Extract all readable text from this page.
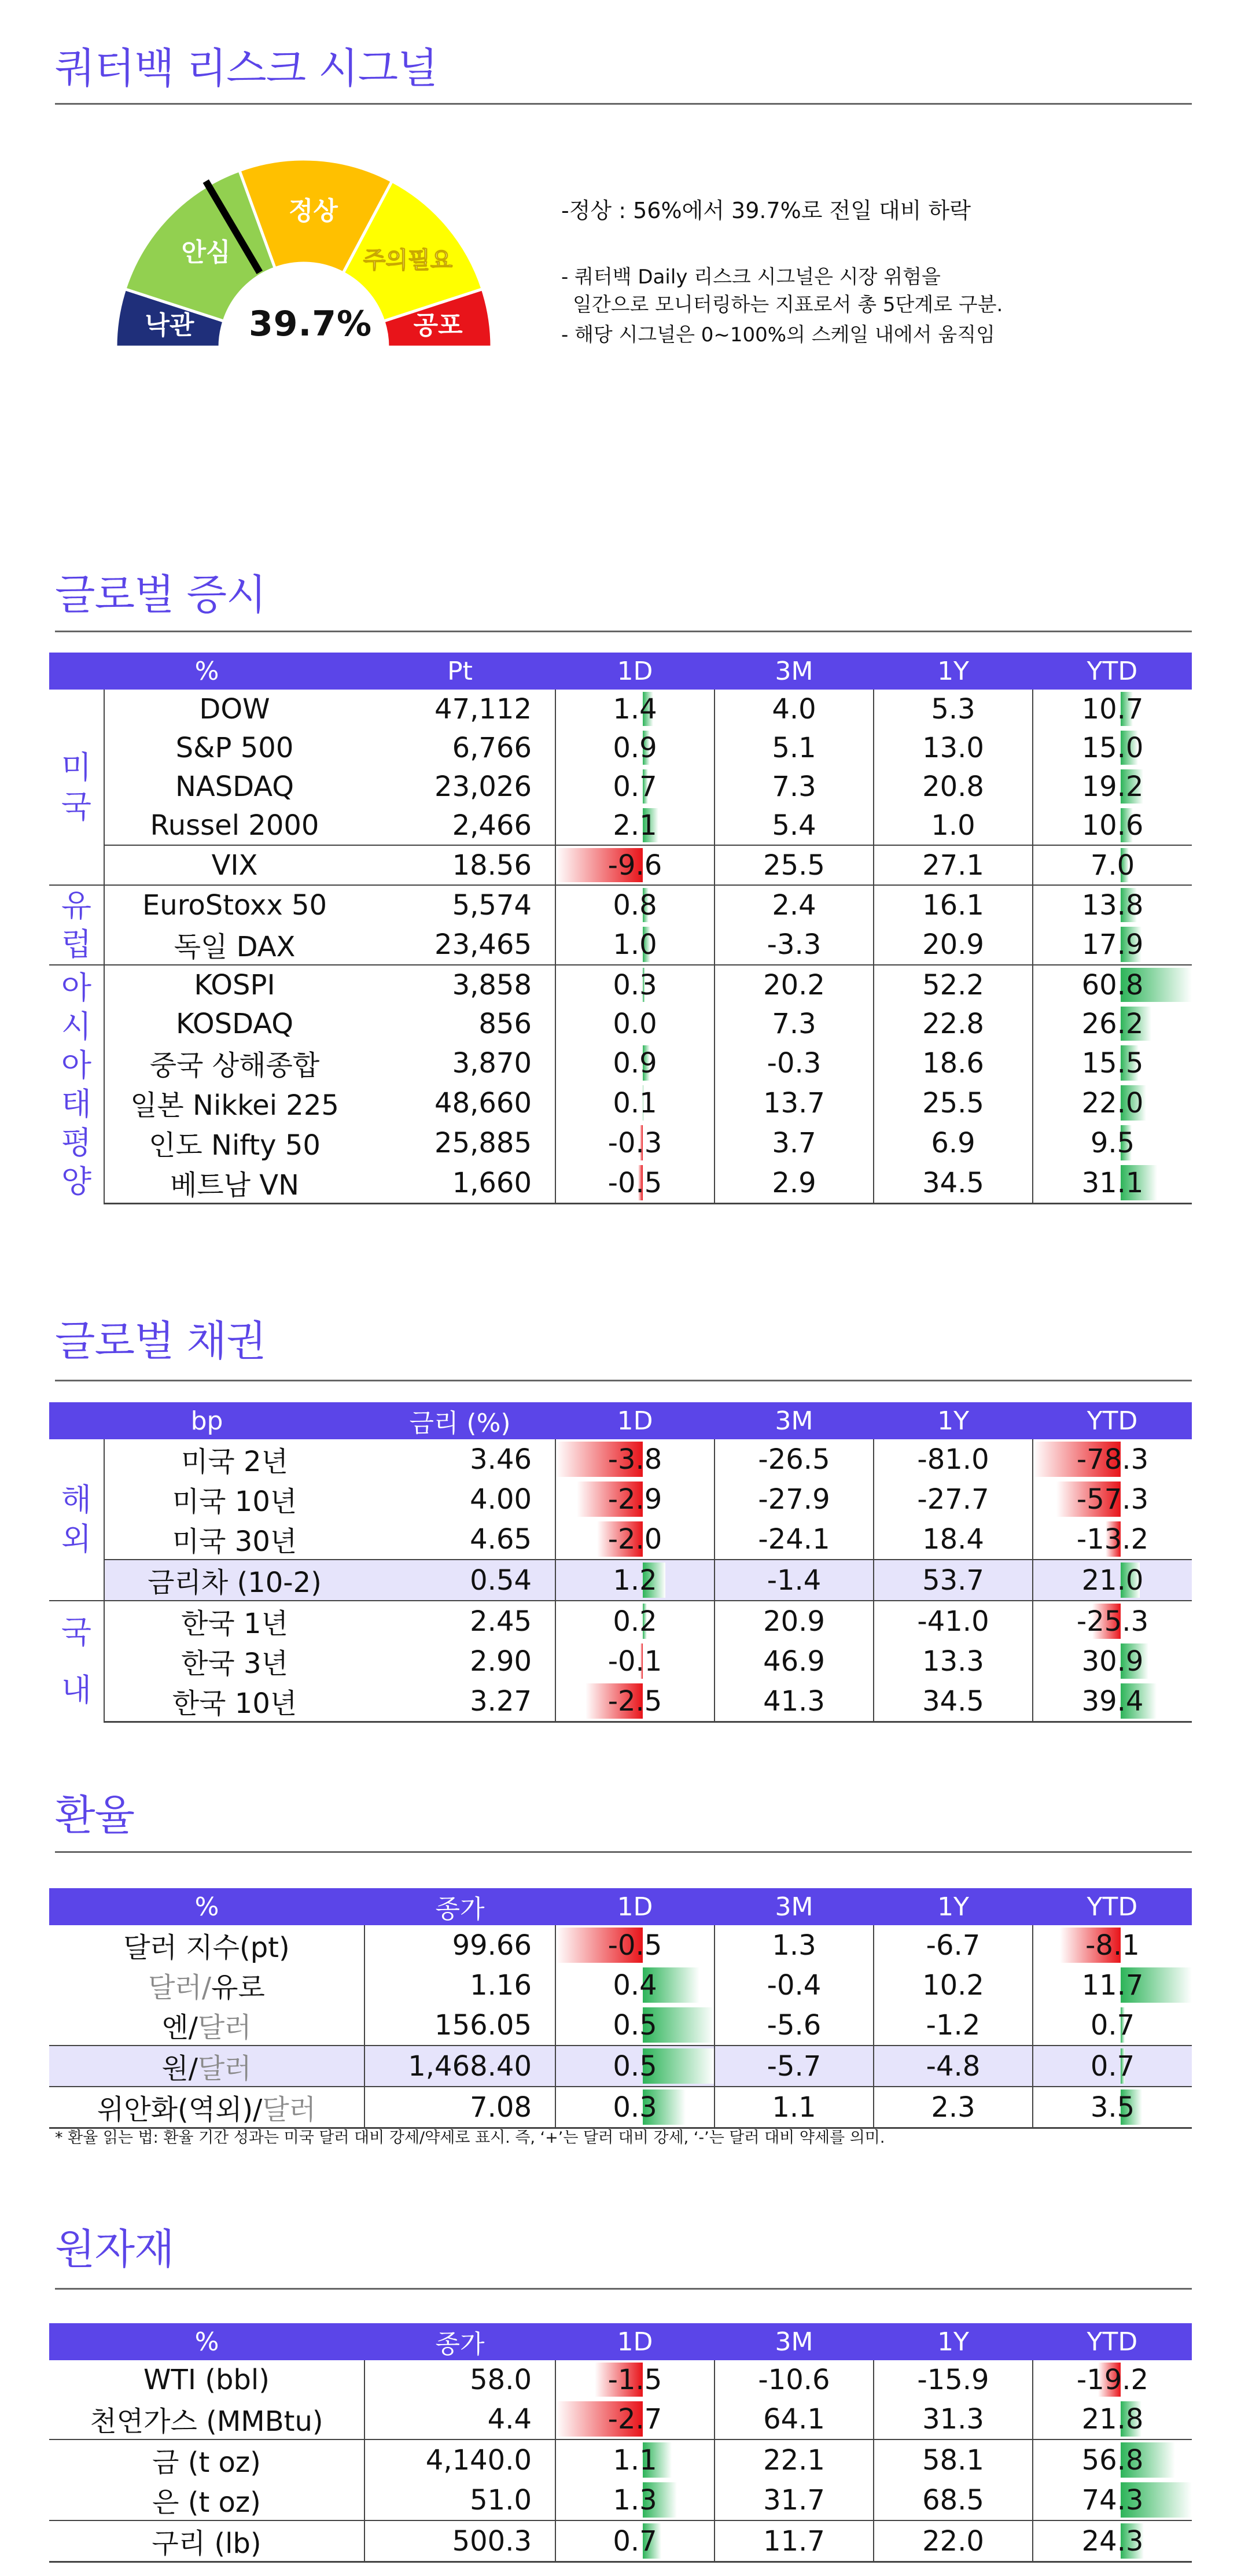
쿼터백 리스크 시그널
낙관
안심
정상
주의필요
공포
39.7%
-정상 : 56%에서 39.7%로 전일 대비 하락
- 쿼터백 Daily 리스크 시그널은 시장 위험을
일간으로 모니터링하는 지표로서 총 5단계로 구분.
- 해당 시그널은 0~100%의 스케일 내에서 움직임
글로벌 증시
%		Pt	1D	3M	1Y	YTD
미국	DOW	47,112	1.4	4.0	5.3	10.7
	S&P 500	6,766	0.9	5.1	13.0	15.0
	NASDAQ	23,026	0.7	7.3	20.8	19.2
	Russel 2000	2,466	2.1	5.4	1.0	10.6
	VIX	18.56	-9.6	25.5	27.1	7.0
유럽	EuroStoxx 50	5,574	0.8	2.4	16.1	13.8
	독일 DAX	23,465	1.0	-3.3	20.9	17.9
아시아태평양	KOSPI	3,858	0.3	20.2	52.2	60.8
	KOSDAQ	856	0.0	7.3	22.8	26.2
	중국 상해종합	3,870	0.9	-0.3	18.6	15.5
	일본 Nikkei 225	48,660	0.1	13.7	25.5	22.0
	인도 Nifty 50	25,885	-0.3	3.7	6.9	9.5
	베트남 VN	1,660	-0.5	2.9	34.5	31.1
글로벌 채권
bp		금리 (%)	1D	3M	1Y	YTD
해외	미국 2년	3.46	-3.8	-26.5	-81.0	-78.3
	미국 10년	4.00	-2.9	-27.9	-27.7	-57.3
	미국 30년	4.65	-2.0	-24.1	18.4	-13.2
	금리차 (10-2)	0.54	1.2	-1.4	53.7	21.0
국내	한국 1년	2.45	0.2	20.9	-41.0	-25.3
	한국 3년	2.90	-0.1	46.9	13.3	30.9
	한국 10년	3.27	-2.5	41.3	34.5	39.4
환율
%	종가	1D	3M	1Y	YTD
달러 지수(pt)	99.66	-0.5	1.3	-6.7	-8.1
달러/유로	1.16	0.4	-0.4	10.2	11.7
엔/달러	156.05	0.5	-5.6	-1.2	0.7
원/달러	1,468.40	0.5	-5.7	-4.8	0.7
위안화(역외)/달러	7.08	0.3	1.1	2.3	3.5
* 환율 읽는 법: 환율 기간 성과는 미국 달러 대비 강세/약세로 표시. 즉, ‘+’는 달러 대비 강세, ‘-’는 달러 대비 약세를 의미.
원자재
%	종가	1D	3M	1Y	YTD
WTI (bbl)	58.0	-1.5	-10.6	-15.9	-19.2
천연가스 (MMBtu)	4.4	-2.7	64.1	31.3	21.8
금 (t oz)	4,140.0	1.1	22.1	58.1	56.8
은 (t oz)	51.0	1.3	31.7	68.5	74.3
구리 (lb)	500.3	0.7	11.7	22.0	24.3
